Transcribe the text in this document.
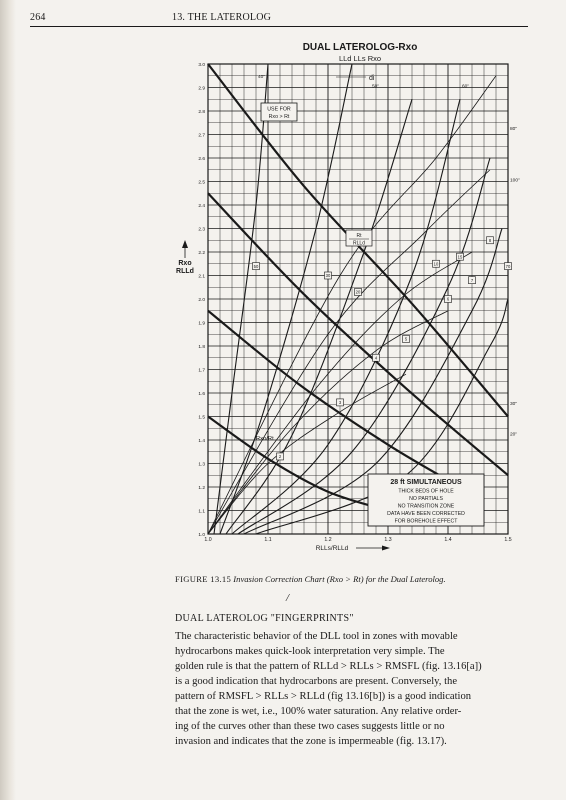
264	13. THE LATEROLOG
DUAL LATEROLOG-Rxo
LLd LLs Rxo
1.0	1.1	1.2	1.3	1.4	1.5
1.0
1.1
1.2
1.3
1.4
1.5
1.6
1.7
1.8
1.9
2.0
2.1
2.2
2.3
2.4
2.5
2.6
2.7
2.8
2.9
3.0
40"
50"	60"
80"
100"
30"
20"
2
3
4
5
6
7
8
10
15
20
30
50	70
USE FOR
Rxo > Rt
Rt
RLLd
Rxo/Rt
di
28 ft SIMULTANEOUS
THICK BEDS OF HOLE
NO PARTIALS
NO TRANSITION ZONE
DATA HAVE BEEN CORRECTED
FOR BOREHOLE EFFECT
Rxo
RLLd
RLLs/RLLd
FIGURE 13.15 Invasion Correction Chart (Rxo > Rt) for the Dual Laterolog.
/
DUAL LATEROLOG "FINGERPRINTS"
The characteristic behavior of the DLL tool in zones with movable
hydrocarbons makes quick-look interpretation very simple. The
golden rule is that the pattern of RLLd > RLLs > RMSFL (fig. 13.16[a])
is a good indication that hydrocarbons are present. Conversely, the
pattern of RMSFL > RLLs > RLLd (fig 13.16[b]) is a good indication
that the zone is wet, i.e., 100% water saturation. Any relative order-
ing of the curves other than these two cases suggests little or no
invasion and indicates that the zone is impermeable (fig. 13.17).
